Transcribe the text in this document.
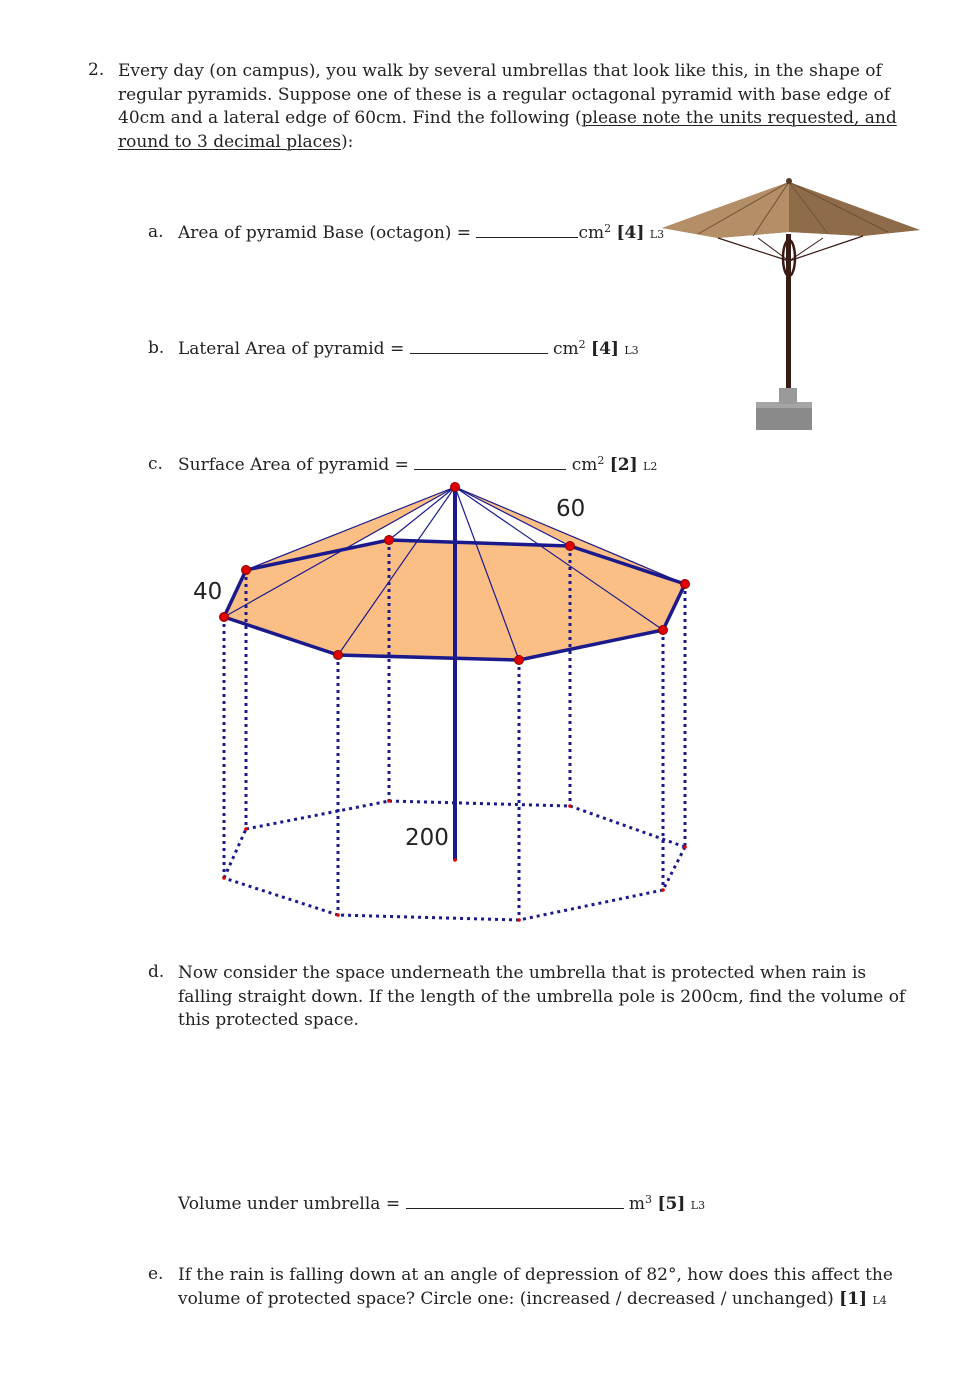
2. Every day (on campus), you walk by several umbrellas that look like this, in the shape of regular pyramids. Suppose one of these is a regular octagonal pyramid with base edge of 40cm and a lateral edge of 60cm. Find the following (please note the units requested, and round to 3 decimal places):
a. Area of pyramid Base (octagon) =	$cm^2$ [4] L3
b. Lateral Area of pyramid =	$cm^2$ [4] L3
c. Surface Area of pyramid =	$cm^2$ [2] L2
60
40
200
d. Now consider the space underneath the umbrella that is protected when rain is falling straight down. If the length of the umbrella pole is 200cm, find the volume of this protected space.
Volume under umbrella =	$m^3$ [5] L3
e. If the rain is falling down at an angle of depression of 82°, how does this affect the volume of protected space? Circle one: (increased / decreased / unchanged) [1] L4
